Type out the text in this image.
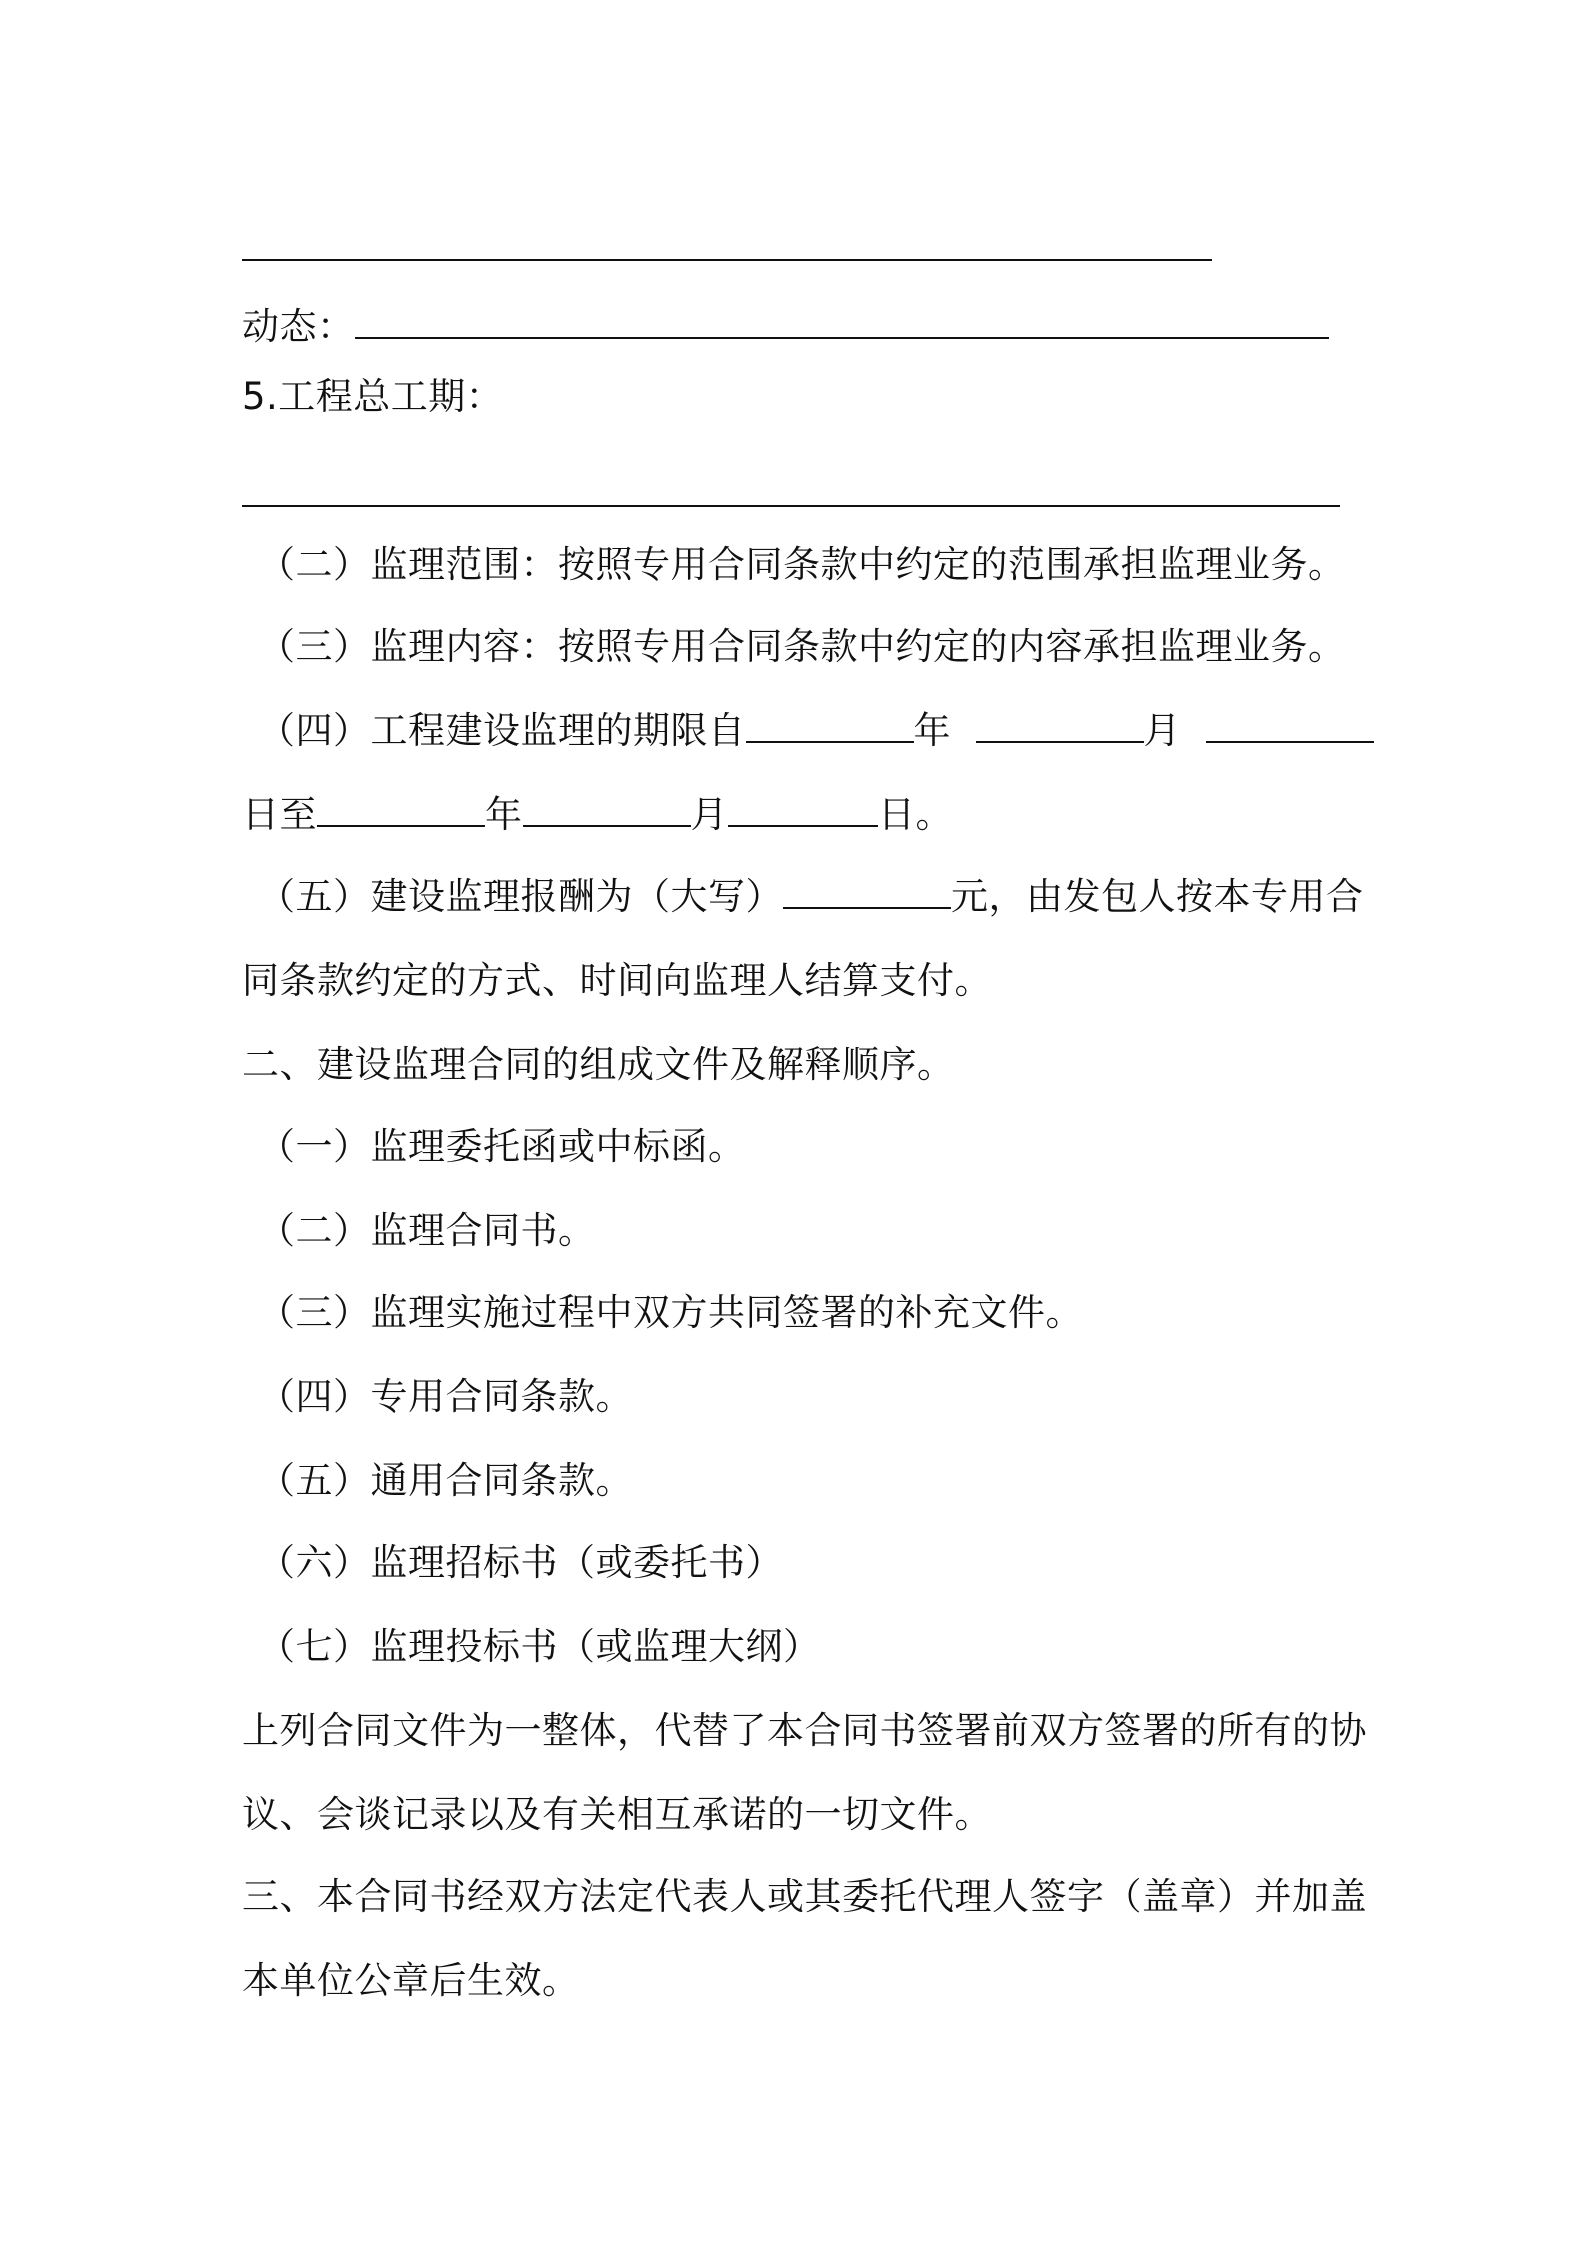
动态：
5.工程总工期：
（二）监理范围：按照专用合同条款中约定的范围承担监理业务。
（三）监理内容：按照专用合同条款中约定的内容承担监理业务。
（四）工程建设监理的期限自	年	月
日至	年	月	日。
（五）建设监理报酬为（大写）	元，由发包人按本专用合
同条款约定的方式、时间向监理人结算支付。
二、建设监理合同的组成文件及解释顺序。
（一）监理委托函或中标函。
（二）监理合同书。
（三）监理实施过程中双方共同签署的补充文件。
（四）专用合同条款。
（五）通用合同条款。
（六）监理招标书（或委托书）
（七）监理投标书（或监理大纲）
上列合同文件为一整体，代替了本合同书签署前双方签署的所有的协
议、会谈记录以及有关相互承诺的一切文件。
三、本合同书经双方法定代表人或其委托代理人签字（盖章）并加盖
本单位公章后生效。
